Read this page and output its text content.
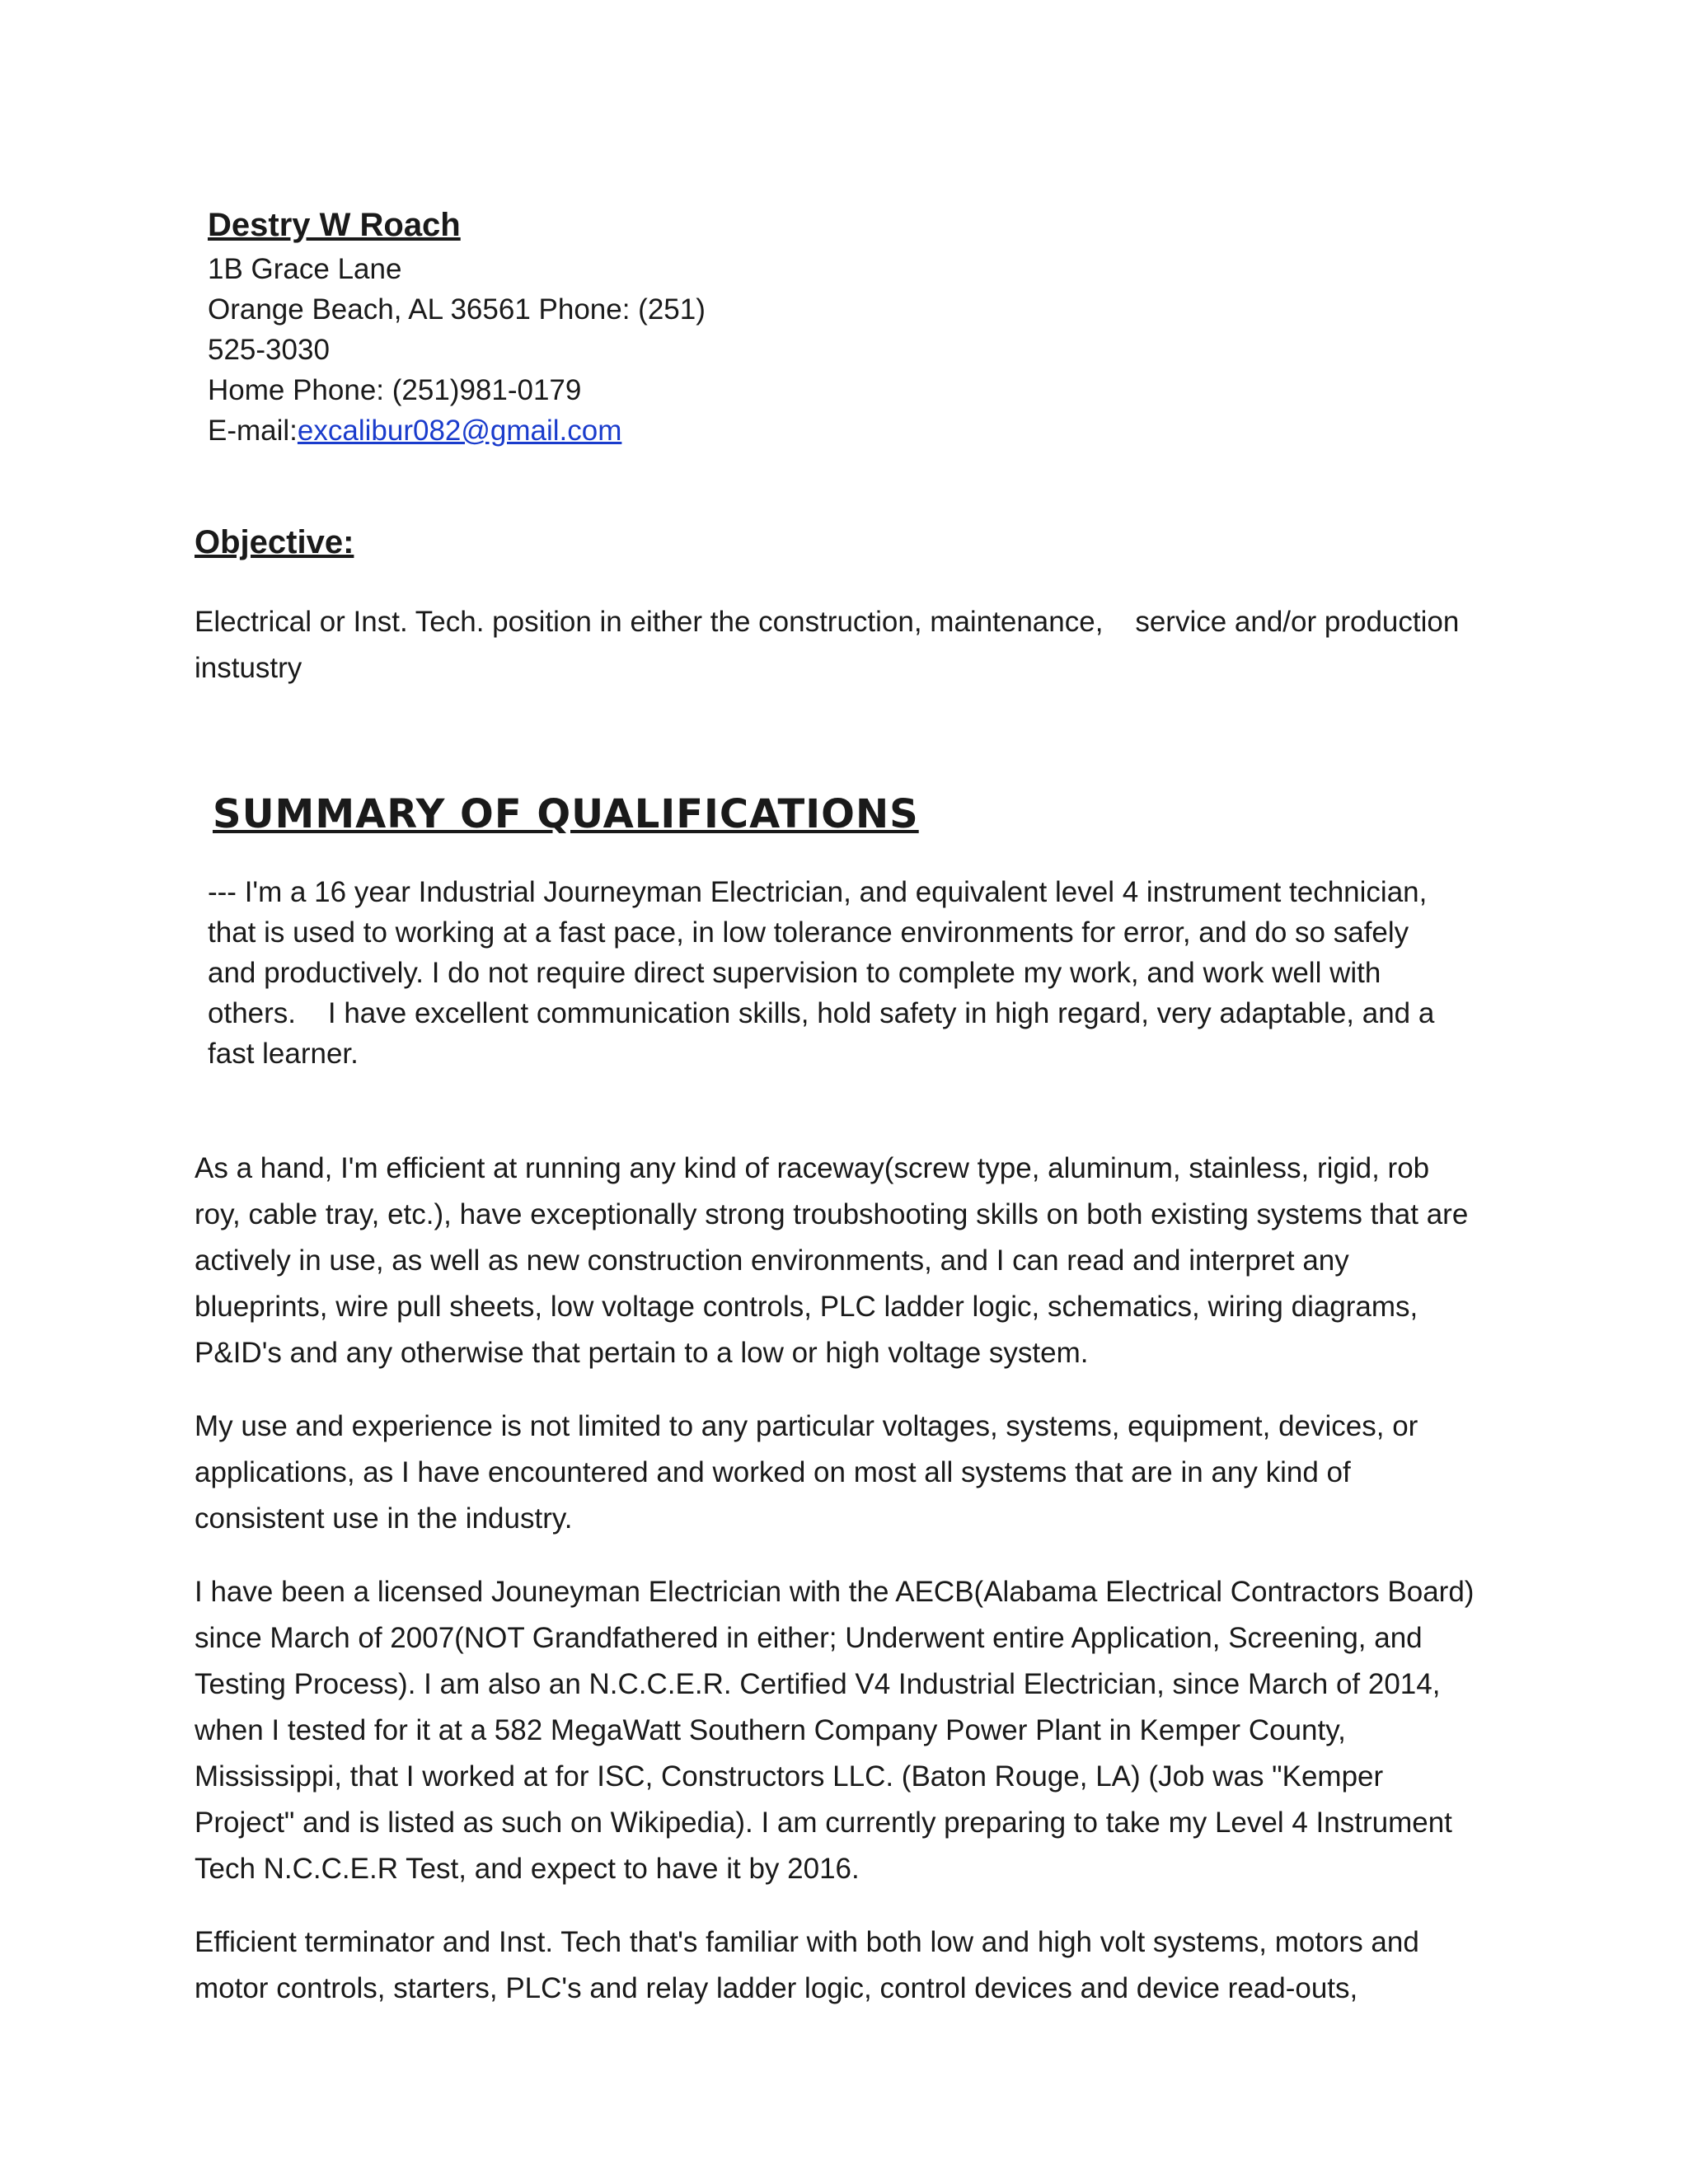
Destry W Roach

1B Grace Lane

Orange Beach, AL 36561 Phone: (251)

525-3030

Home Phone: (251)981-0179

E-mail:excalibur082@gmail.com

Objective:

Electrical or Inst. Tech. position in either the construction, maintenance,    service and/or production instustry

SUMMARY OF QUALIFICATIONS

--- I'm a 16 year Industrial Journeyman Electrician, and equivalent level 4 instrument technician, that is used to working at a fast pace, in low tolerance environments for error, and do so safely and productively. I do not require direct supervision to complete my work, and work well with others.    I have excellent communication skills, hold safety in high regard, very adaptable, and a fast learner.

As a hand, I'm efficient at running any kind of raceway(screw type, aluminum, stainless, rigid, rob roy, cable tray, etc.), have exceptionally strong troubshooting skills on both existing systems that are actively in use, as well as new construction environments, and I can read and interpret any blueprints, wire pull sheets, low voltage controls, PLC ladder logic, schematics, wiring diagrams, P&ID's and any otherwise that pertain to a low or high voltage system.

My use and experience is not limited to any particular voltages, systems, equipment, devices, or applications, as I have encountered and worked on most all systems that are in any kind of consistent use in the industry.

I have been a licensed Jouneyman Electrician with the AECB(Alabama Electrical Contractors Board) since March of 2007(NOT Grandfathered in either; Underwent entire Application, Screening, and Testing Process). I am also an N.C.C.E.R. Certified V4 Industrial Electrician, since March of 2014, when I tested for it at a 582 MegaWatt Southern Company Power Plant in Kemper County, Mississippi, that I worked at for ISC, Constructors LLC. (Baton Rouge, LA) (Job was "Kemper Project" and is listed as such on Wikipedia). I am currently preparing to take my Level 4 Instrument Tech N.C.C.E.R Test, and expect to have it by 2016.

Efficient terminator and Inst. Tech that's familiar with both low and high volt systems, motors and motor controls, starters, PLC's and relay ladder logic, control devices and device read-outs,
